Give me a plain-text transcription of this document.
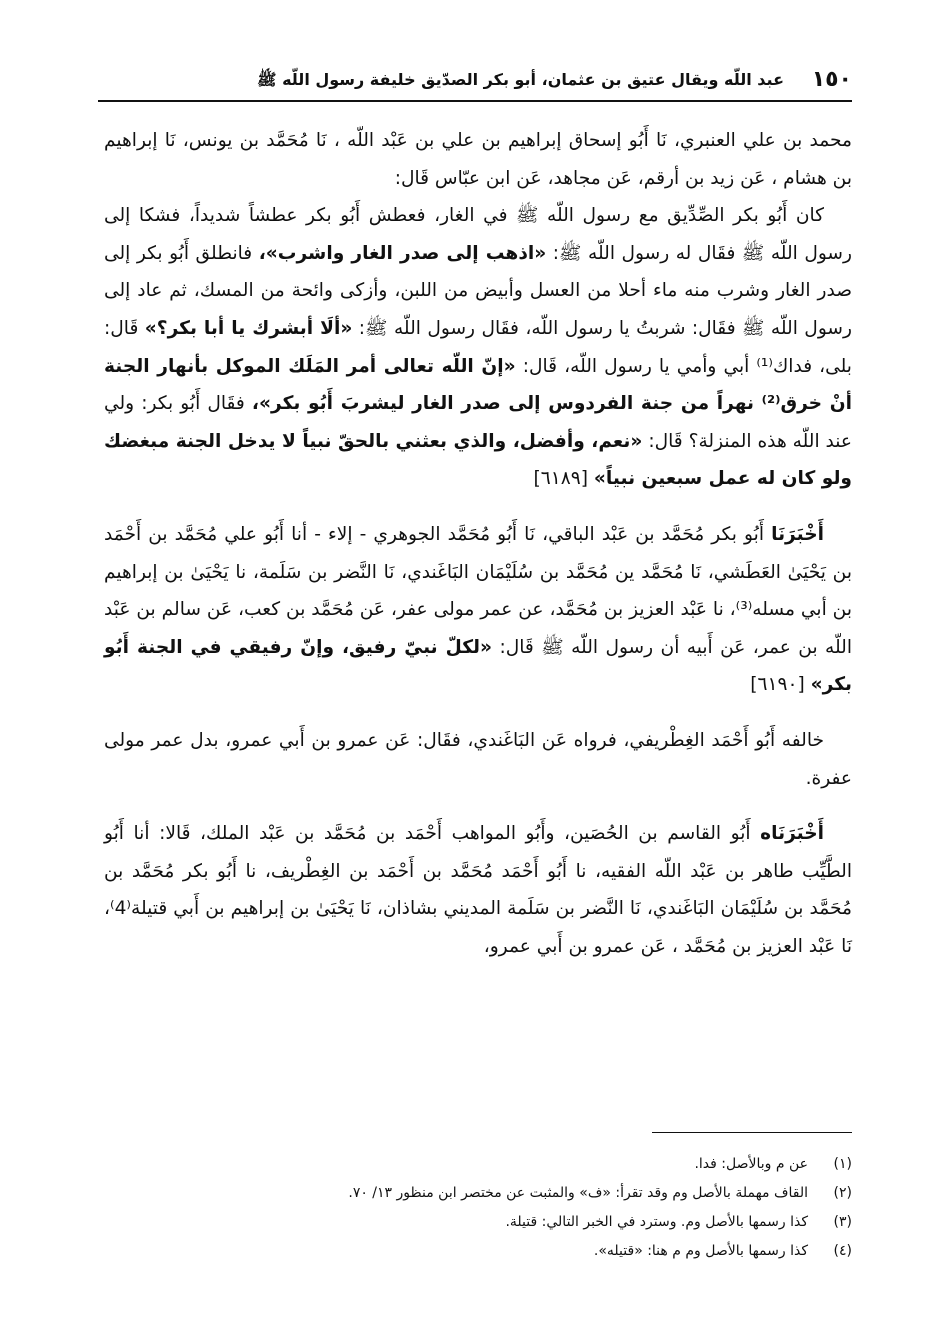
١٥٠
عبد اللّه ويقال عتيق بن عثمان، أبو بكر الصدّيق خليفة رسول اللّه ﷺ

محمد بن علي العنبري، نَا أَبُو إسحاق إبراهيم بن علي بن عَبْد اللّه ، نَا مُحَمَّد بن يونس، نَا إبراهيم بن هشام ، عَن زيد بن أرقم، عَن مجاهد، عَن ابن عبّاس قَال:

كان أَبُو بكر الصِّدِّيق مع رسول اللّه ﷺ في الغار، فعطش أَبُو بكر عطشاً شديداً، فشكا إلى رسول اللّه ﷺ فقَال له رسول اللّه ﷺ: «اذهب إلى صدر الغار واشرب»، فانطلق أَبُو بكر إلى صدر الغار وشرب منه ماء أحلا من العسل وأبيض من اللبن، وأزكى وائحة من المسك، ثم عاد إلى رسول اللّه ﷺ فقَال: شربتُ يا رسول اللّه، فقَال رسول اللّه ﷺ: «ألَا أبشرك يا أبا بكر؟» قَال: بلى، فداك⁽¹⁾ أبي وأمي يا رسول اللّه، قَال: «إنّ اللّه تعالى أمر المَلَك الموكل بأنهار الجنة أنْ خرق⁽²⁾ نهراً من جنة الفردوس إلى صدر الغار ليشربَ أَبُو بكر»، فقَال أَبُو بكر: ولي عند اللّه هذه المنزلة؟ قَال: «نعم، وأفضل، والذي بعثني بالحقّ نبياً لا يدخل الجنة مبغضك ولو كان له عمل سبعين نبياً» [٦١٨٩]

أَخْبَرَنَا أَبُو بكر مُحَمَّد بن عَبْد الباقي، نَا أَبُو مُحَمَّد الجوهري - إلاء - أنا أَبُو علي مُحَمَّد بن أَحْمَد بن يَحْيَىٰ العَطَشي، نَا مُحَمَّد ين مُحَمَّد بن سُلَيْمَان البَاغَندي، نَا النَّضر بن سَلَمة، نا يَحْيَىٰ بن إبراهيم بن أبي مسله⁽³⁾، نا عَبْد العزيز بن مُحَمَّد، عن عمر مولى عفر، عَن مُحَمَّد بن كعب، عَن سالم بن عَبْد اللّه بن عمر، عَن أَبيه أن رسول اللّه ﷺ قَال: «لكلّ نبيّ رفيق، وإنّ رفيقي في الجنة أَبُو بكر» [٦١٩٠]

خالفه أَبُو أَحْمَد الغِطْريفي، فرواه عَن البَاغَندي، فقَال: عَن عمرو بن أَبي عمرو، بدل عمر مولى عفرة.

أَخْبَرَنَاه أَبُو القاسم بن الحُصَين، وأَبُو المواهب أَحْمَد بن مُحَمَّد بن عَبْد الملك، قَالا: أنا أَبُو الطَّيِّب طاهر بن عَبْد اللّه الفقيه، نا أَبُو أَحْمَد مُحَمَّد بن أَحْمَد بن الغِطْريف، نا أَبُو بكر مُحَمَّد بن مُحَمَّد بن سُلَيْمَان البَاغَندي، نَا النَّضر بن سَلَمة المديني بشاذان، نَا يَحْيَىٰ بن إبراهيم بن أَبي قتيلة⁽4⁾، نَا عَبْد العزيز بن مُحَمَّد ، عَن عمرو بن أَبي عمرو،

(١)عن م وبالأصل: فدا.
(٢)القاف مهملة بالأصل وم وقد تقرأ: «ف» والمثبت عن مختصر ابن منظور ١٣/ ٧٠.
(٣)كذا رسمها بالأصل وم. وسترد في الخبر التالي: قتيلة.
(٤)كذا رسمها بالأصل وم م هنا: «قتيله».
